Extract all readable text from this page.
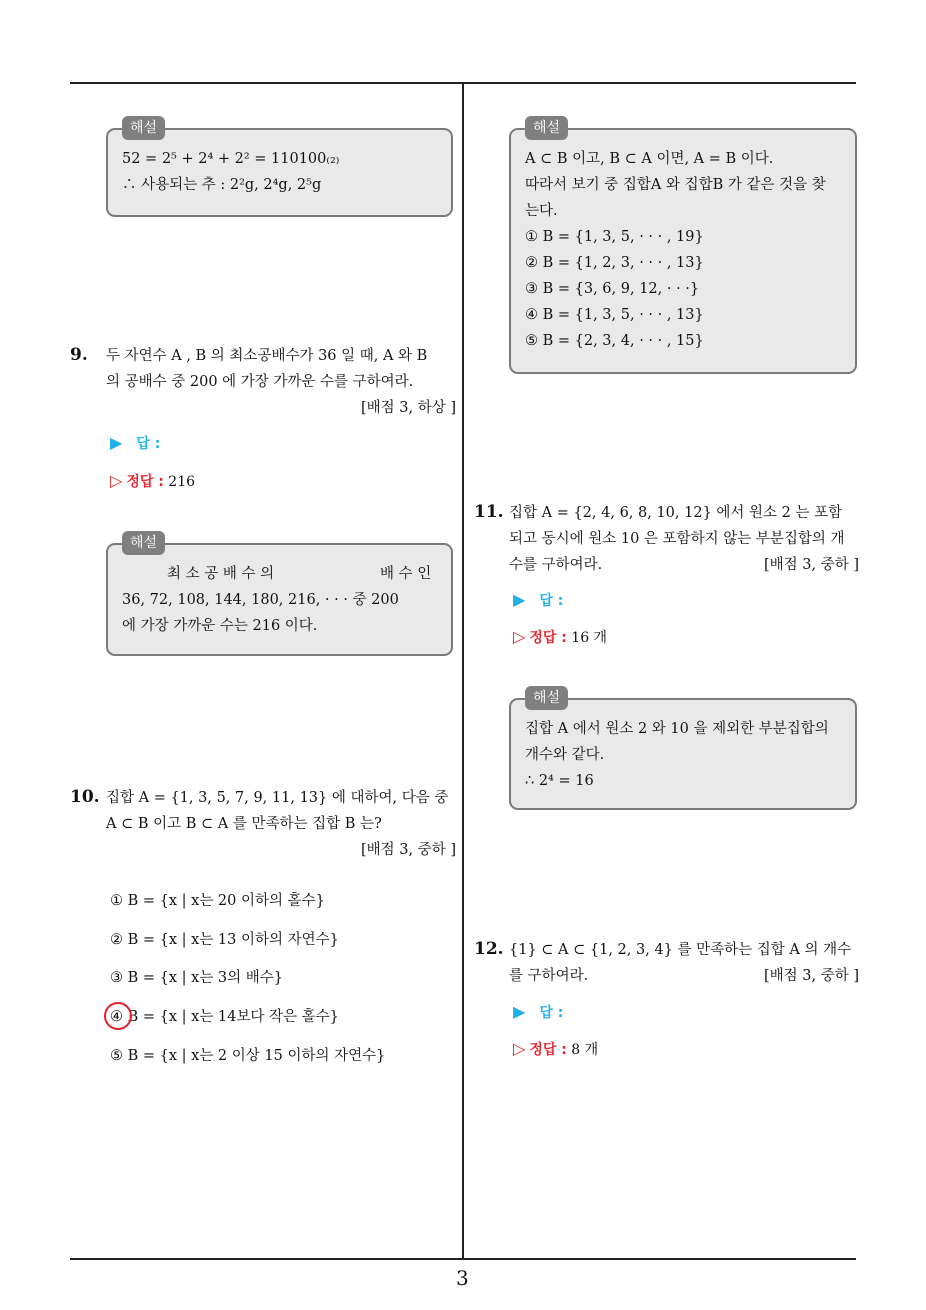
해설
52 = 2⁵ + 2⁴ + 2² = 110100₍₂₎
∴ 사용되는 추 : 2²g, 2⁴g, 2⁵g
9. 두 자연수 A , B 의 최소공배수가 36 일 때, A 와 B
의 공배수 중 200 에 가장 가까운 수를 구하여라.
[배점 3, 하상 ]
▶ 답 :
▷ 정답 : 216
해설
최 소 공 배 수 의	배 수 인
36, 72, 108, 144, 180, 216, · · · 중 200
에 가장 가까운 수는 216 이다.
10. 집합 A = {1, 3, 5, 7, 9, 11, 13} 에 대하여, 다음 중
A ⊂ B 이고 B ⊂ A 를 만족하는 집합 B 는?
[배점 3, 중하 ]
① B = {x | x는 20 이하의 홀수}
② B = {x | x는 13 이하의 자연수}
③ B = {x | x는 3의 배수}
④ B = {x | x는 14보다 작은 홀수}
⑤ B = {x | x는 2 이상 15 이하의 자연수}
해설
A ⊂ B 이고, B ⊂ A 이면, A = B 이다.
따라서 보기 중 집합A 와 집합B 가 같은 것을 찾
는다.
① B = {1, 3, 5, · · · , 19}
② B = {1, 2, 3, · · · , 13}
③ B = {3, 6, 9, 12, · · ·}
④ B = {1, 3, 5, · · · , 13}
⑤ B = {2, 3, 4, · · · , 15}
11. 집합 A = {2, 4, 6, 8, 10, 12} 에서 원소 2 는 포함
되고 동시에 원소 10 은 포함하지 않는 부분집합의 개
수를 구하여라.	[배점 3, 중하 ]
▶ 답 :
▷ 정답 : 16 개
해설
집합 A 에서 원소 2 와 10 을 제외한 부분집합의
개수와 같다.
∴ 2⁴ = 16
12. {1} ⊂ A ⊂ {1, 2, 3, 4} 를 만족하는 집합 A 의 개수
를 구하여라.	[배점 3, 중하 ]
▶ 답 :
▷ 정답 : 8 개
3
